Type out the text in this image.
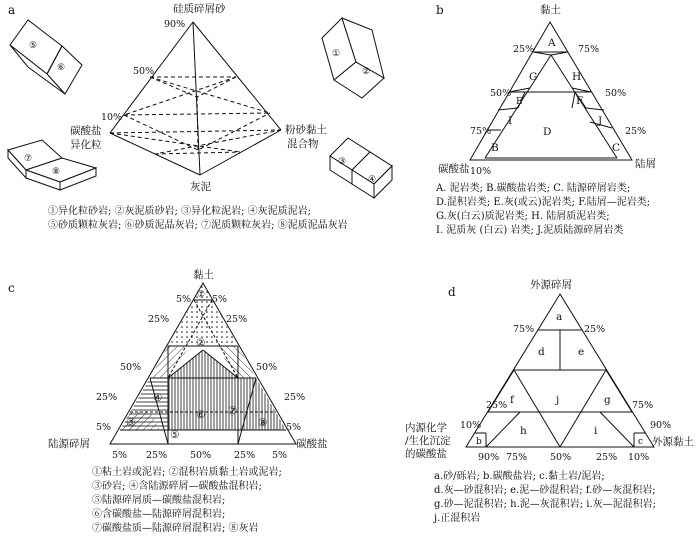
a	硅质碎屑砂
90%
50%
10%
碳酸盐
异化粒
粉砂黏土
混合物
灰泥
⑤
⑥
①
②
⑦
⑧
③
④
b	黏土
碳酸盐	陆屑
25%	75%
50%	50%
75%	25%
10%
A
G	H
E	F
I	J
D
B	C
c
黏土
陆源碎屑	碳酸盐
5%
25%
50%
25%
5%
5%
25%
50%
25%
5%
5% 25% 50% 25% 5%
①
②
③
④
⑤
⑥ ⑦
⑧
d	外源碎屑
内源化学
/生化沉淀
的碳酸盐
外源黏土
75%
25%
10%
25%
75%
90%
90% 75% 50%	25% 10%
a
d	e
j
f	g
h	i
b	c
①异化粒砂岩; ②灰泥质砂岩; ③异化粒泥岩; ④灰泥质泥岩;
⑤砂质颗粒灰岩; ⑥砂质泥晶灰岩; ⑦泥质颗粒灰岩; ⑧泥质泥晶灰岩
A. 泥岩类; B.碳酸盐岩类; C. 陆源碎屑岩类;
D.混积岩类; E.灰(或云)泥岩类; F.陆屑—泥岩类;
G.灰(白云)质泥岩类; H. 陆屑质泥岩类;
I. 泥质灰 (白云) 岩类; J.泥质陆源碎屑岩类
①粘土岩或泥岩; ②混积岩质黏土岩或泥岩;
③砂岩; ④含陆源碎屑—碳酸盐混积岩;
⑤陆源碎屑质—碳酸盐混积岩;
⑥含碳酸盐—陆源碎屑混积岩;
⑦碳酸盐质—陆源碎屑混积岩; ⑧灰岩
a.砂/砾岩; b.碳酸盐岩; c.黏土岩/泥岩;
d.灰—砂混积岩; e.泥—砂混积岩; f.砂—灰混积岩;
g.砂—泥混积岩; h.泥—灰混积岩; i.灰—泥混积岩;
j.正混积岩
